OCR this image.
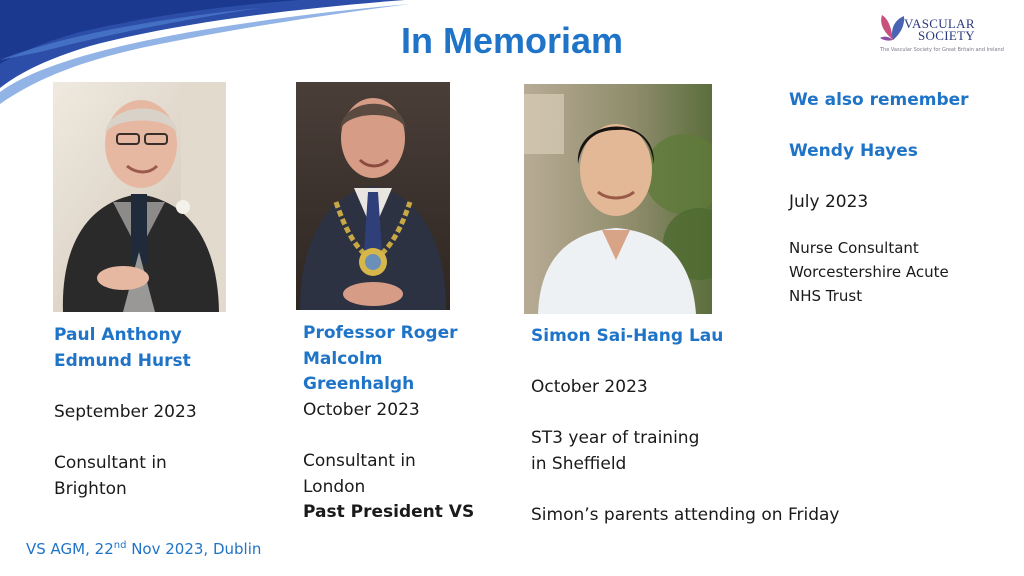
In Memoriam	VASCULAR
SOCIETY
The Vascular Society for Great Britain and Ireland
Paul Anthony
Edmund Hurst
September 2023
Consultant in
Brighton
Professor Roger
Malcolm
Greenhalgh
October 2023
Consultant in
London
Past President VS
Simon Sai-Hang Lau
October 2023
ST3 year of training
in Sheffield
Simon’s parents attending on Friday
We also remember
Wendy Hayes
July 2023
Nurse Consultant
Worcestershire Acute
NHS Trust
VS AGM, 22nd Nov 2023, Dublin
